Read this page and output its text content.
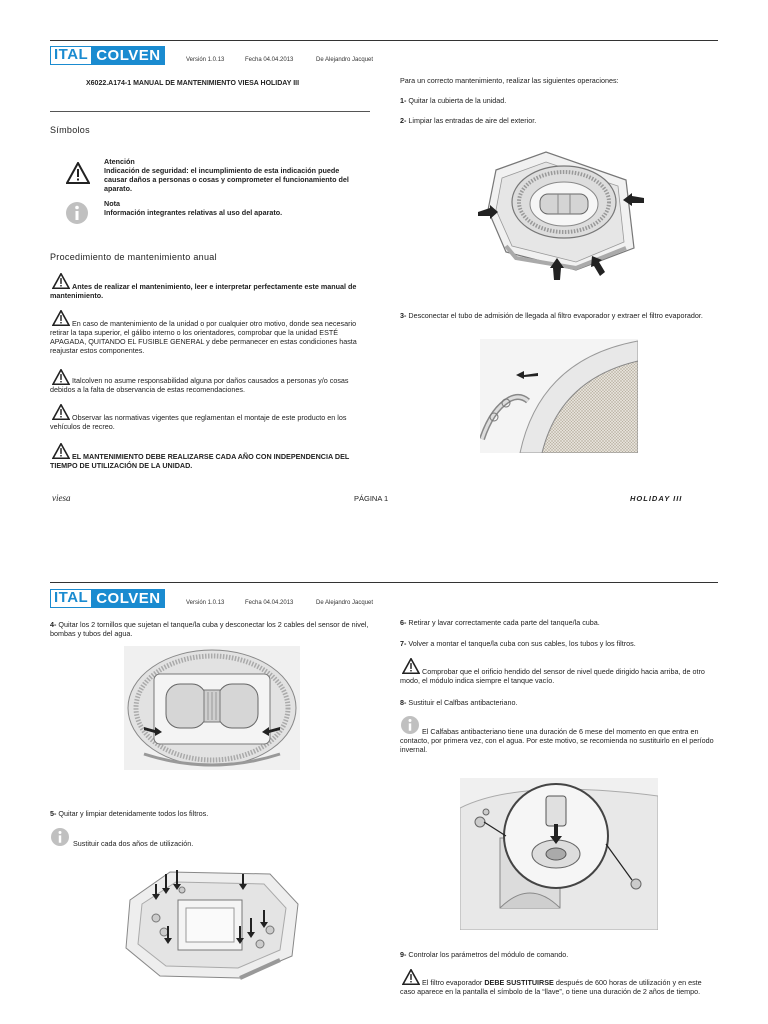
ITAL COLVEN	Versión 1.0.13	Fecha 04.04.2013	De Alejandro Jacquet
X6022.A174-1 MANUAL DE MANTENIMIENTO VIESA HOLIDAY III
Símbolos
Atención
Indicación de seguridad: el incumplimiento de esta indicación puede causar daños a personas o cosas y comprometer el funcionamiento del aparato.
Nota
Información integrantes relativas al uso del aparato.
Procedimiento de mantenimiento anual
Antes de realizar el mantenimiento, leer e interpretar perfectamente este manual de mantenimiento.
En caso de mantenimiento de la unidad o por cualquier otro motivo, donde sea necesario retirar la tapa superior, el gálibo interno o los orientadores, comprobar que la unidad ESTÉ APAGADA, QUITANDO EL FUSIBLE GENERAL y debe permanecer en estas condiciones hasta reajustar estos componentes.
Italcolven no asume responsabilidad alguna por daños causados a personas y/o cosas debidos a la falta de observancia de estas recomendaciones.
Observar las normativas vigentes que reglamentan el montaje de este producto en los vehículos de recreo.
EL MANTENIMIENTO DEBE REALIZARSE CADA AÑO CON INDEPENDENCIA DEL TIEMPO DE UTILIZACIÓN DE LA UNIDAD.
Para un correcto mantenimiento, realizar las siguientes operaciones:
1- Quitar la cubierta de la unidad.
2- Limpiar las entradas de aire del exterior.
3- Desconectar el tubo de admisión de llegada al filtro evaporador y extraer el filtro evaporador.
viesa	PÁGINA 1	HOLIDAY III
ITAL COLVEN	Versión 1.0.13	Fecha 04.04.2013	De Alejandro Jacquet
4- Quitar los 2 tornillos que sujetan el tanque/la cuba y desconectar los 2 cables del sensor de nivel, bombas y tubos del agua.
5- Quitar y limpiar detenidamente todos los filtros.
Sustituir cada dos años de utilización.
6- Retirar y lavar correctamente cada parte del tanque/la cuba.
7- Volver a montar el tanque/la cuba con sus cables, los tubos y los filtros.
Comprobar que el orificio hendido del sensor de nivel quede dirigido hacia arriba, de otro modo, el módulo indica siempre el tanque vacío.
8- Sustituir el Calfbas antibacteriano.
El Calfabas antibacteriano tiene una duración de 6 mese del momento en que entra en contacto, por primera vez, con el agua. Por este motivo, se recomienda no sustituirlo en el período invernal.
9- Controlar los parámetros del módulo de comando.
El filtro evaporador DEBE SUSTITUIRSE después de 600 horas de utilización y en este caso aparece en la pantalla el símbolo de la “llave”, o tiene una duración de 2 años de tiempo.
